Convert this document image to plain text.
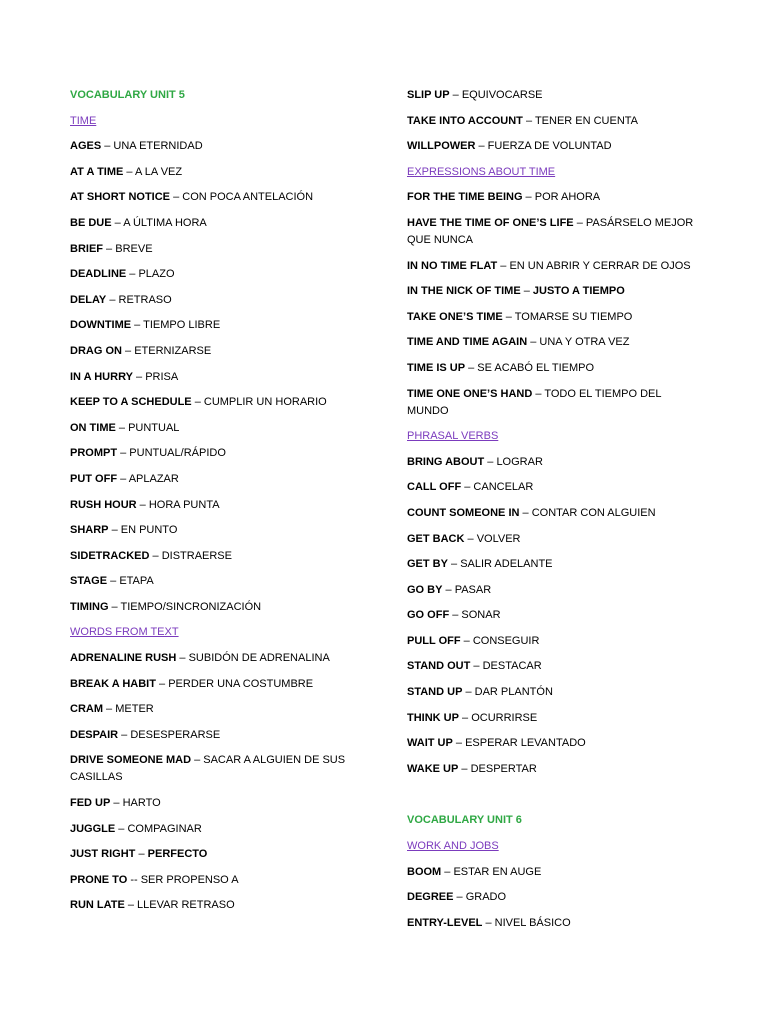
VOCABULARY UNIT 5
TIME
AGES – UNA ETERNIDAD
AT A TIME – A LA VEZ
AT SHORT NOTICE – CON POCA ANTELACIÓN
BE DUE – A ÚLTIMA HORA
BRIEF – BREVE
DEADLINE – PLAZO
DELAY – RETRASO
DOWNTIME – TIEMPO LIBRE
DRAG ON – ETERNIZARSE
IN A HURRY – PRISA
KEEP TO A SCHEDULE – CUMPLIR UN HORARIO
ON TIME – PUNTUAL
PROMPT – PUNTUAL/RÁPIDO
PUT OFF – APLAZAR
RUSH HOUR – HORA PUNTA
SHARP – EN PUNTO
SIDETRACKED – DISTRAERSE
STAGE – ETAPA
TIMING – TIEMPO/SINCRONIZACIÓN
WORDS FROM TEXT
ADRENALINE RUSH – SUBIDÓN DE ADRENALINA
BREAK A HABIT – PERDER UNA COSTUMBRE
CRAM – METER
DESPAIR – DESESPERARSE
DRIVE SOMEONE MAD – SACAR A ALGUIEN DE SUS CASILLAS
FED UP – HARTO
JUGGLE – COMPAGINAR
JUST RIGHT – PERFECTO
PRONE TO -- SER PROPENSO A
RUN LATE – LLEVAR RETRASO
SLIP UP – EQUIVOCARSE
TAKE INTO ACCOUNT – TENER EN CUENTA
WILLPOWER – FUERZA DE VOLUNTAD
EXPRESSIONS ABOUT TIME
FOR THE TIME BEING – POR AHORA
HAVE THE TIME OF ONE’S LIFE – PASÁRSELO MEJOR QUE NUNCA
IN NO TIME FLAT – EN UN ABRIR Y CERRAR DE OJOS
IN THE NICK OF TIME – JUSTO A TIEMPO
TAKE ONE’S TIME – TOMARSE SU TIEMPO
TIME AND TIME AGAIN – UNA Y OTRA VEZ
TIME IS UP – SE ACABÓ EL TIEMPO
TIME ONE ONE’S HAND – TODO EL TIEMPO DEL MUNDO
PHRASAL VERBS
BRING ABOUT – LOGRAR
CALL OFF – CANCELAR
COUNT SOMEONE IN – CONTAR CON ALGUIEN
GET BACK – VOLVER
GET BY – SALIR ADELANTE
GO BY – PASAR
GO OFF – SONAR
PULL OFF – CONSEGUIR
STAND OUT – DESTACAR
STAND UP – DAR PLANTÓN
THINK UP – OCURRIRSE
WAIT UP – ESPERAR LEVANTADO
WAKE UP – DESPERTAR
VOCABULARY UNIT 6
WORK AND JOBS
BOOM – ESTAR EN AUGE
DEGREE – GRADO
ENTRY-LEVEL – NIVEL BÁSICO
